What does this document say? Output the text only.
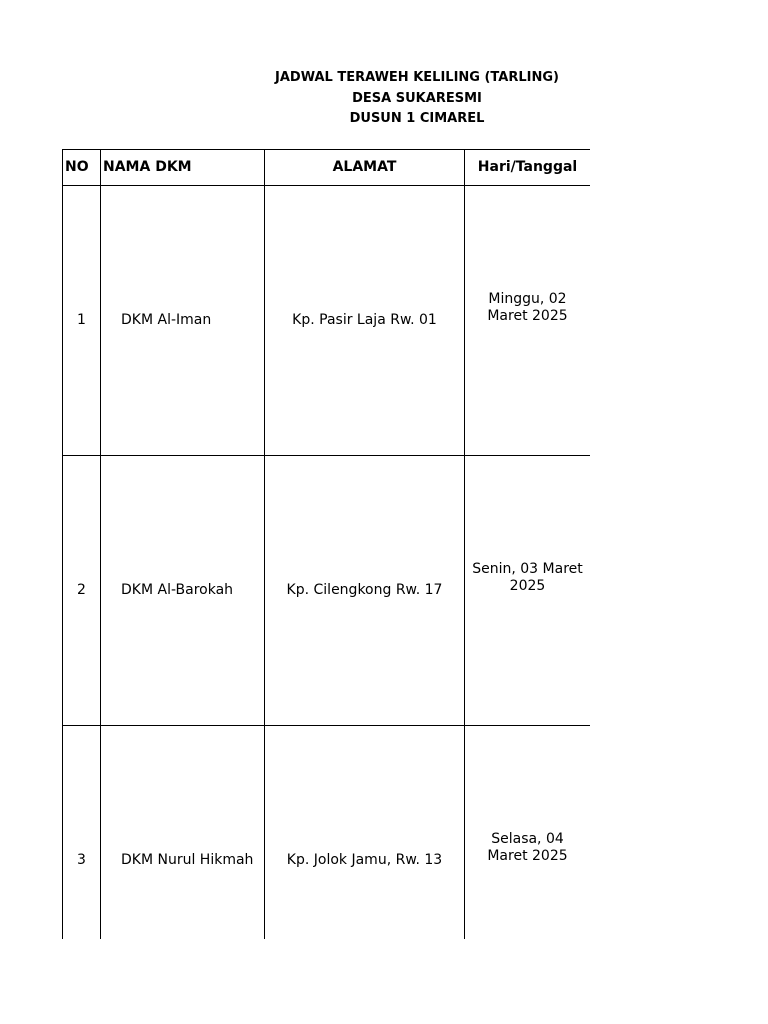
JADWAL TERAWEH KELILING (TARLING)
DESA SUKARESMI
DUSUN 1 CIMAREL
NO	NAMA DKM	ALAMAT	Hari/Tanggal
1	DKM Al-Iman	Kp. Pasir Laja Rw. 01	Minggu, 02 Maret 2025
2	DKM Al-Barokah	Kp. Cilengkong Rw. 17	Senin, 03 Maret 2025
3	DKM Nurul Hikmah	Kp. Jolok Jamu, Rw. 13	Selasa, 04 Maret 2025
